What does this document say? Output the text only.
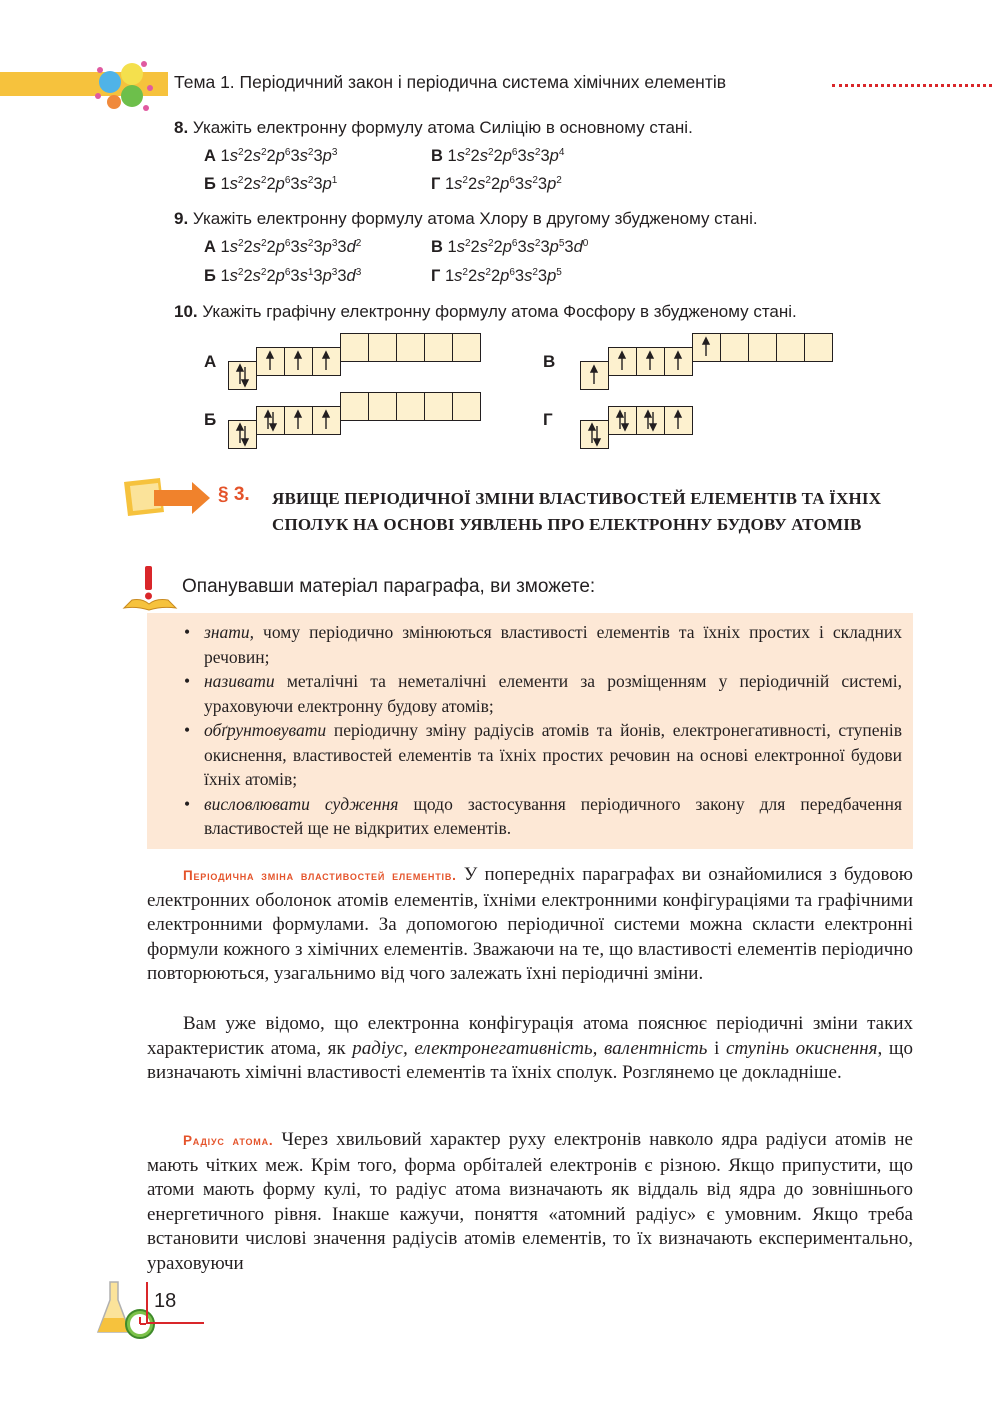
Тема 1. Періодичний закон і періодична система хімічних елементів
8. Укажіть електронну формулу атома Силіцію в основному стані.
А $1s^22s^22p^63s^23p^3$	В $1s^22s^22p^63s^23p^4$
Б $1s^22s^22p^63s^23p^1$	Г $1s^22s^22p^63s^23p^2$
9. Укажіть електронну формулу атома Хлору в другому збудженому стані.
А $1s^22s^22p^63s^23p^33d^2$	В $1s^22s^22p^63s^23p^53d^0$
Б $1s^22s^22p^63s^13p^33d^3$	Г $1s^22s^22p^63s^23p^5$
10. Укажіть графічну електронну формулу атома Фосфору в збудженому стані.
А
Б
В
Г
§ 3. ЯВИЩЕ ПЕРІОДИЧНОЇ ЗМІНИ ВЛАСТИВОСТЕЙ ЕЛЕМЕНТІВ ТА ЇХНІХ СПОЛУК НА ОСНОВІ УЯВЛЕНЬ ПРО ЕЛЕКТРОННУ БУДОВУ АТОМІВ
Опанувавши матеріал параграфа, ви зможете:
• знати, чому періодично змінюються властивості елементів та їхніх простих і складних речовин;
• називати металічні та неметалічні елементи за розміщенням у періодичній системі, ураховуючи електронну будову атомів;
• обґрунтовувати періодичну зміну радіусів атомів та йонів, електронегативності, ступенів окиснення, властивостей елементів та їхніх простих речовин на основі електронної будови їхніх атомів;
• висловлювати судження щодо застосування періодичного закону для передбачення властивостей ще не відкритих елементів.
Періодична зміна властивостей елементів. У попередніх параграфах ви ознайомилися з будовою електронних оболонок атомів елементів, їхніми електронними конфігураціями та графічними електронними формулами. За допомогою періодичної системи можна скласти електронні формули кожного з хімічних елементів. Зважаючи на те, що властивості елементів періодично повторюються, узагальнимо від чого залежать їхні періодичні зміни.
Вам уже відомо, що електронна конфігурація атома пояснює періодичні зміни таких характеристик атома, як радіус, електронегативність, валентність і ступінь окиснення, що визначають хімічні властивості елементів та їхніх сполук. Розглянемо це докладніше.
Радіус атома. Через хвильовий характер руху електронів навколо ядра радіуси атомів не мають чітких меж. Крім того, форма орбіталей електронів є різною. Якщо припустити, що атоми мають форму кулі, то радіус атома визначають як віддаль від ядра до зовнішнього енергетичного рівня. Інакше кажучи, поняття «атомний радіус» є умовним. Якщо треба встановити числові значення радіусів атомів елементів, то їх визначають експериментально, ураховуючи
18
